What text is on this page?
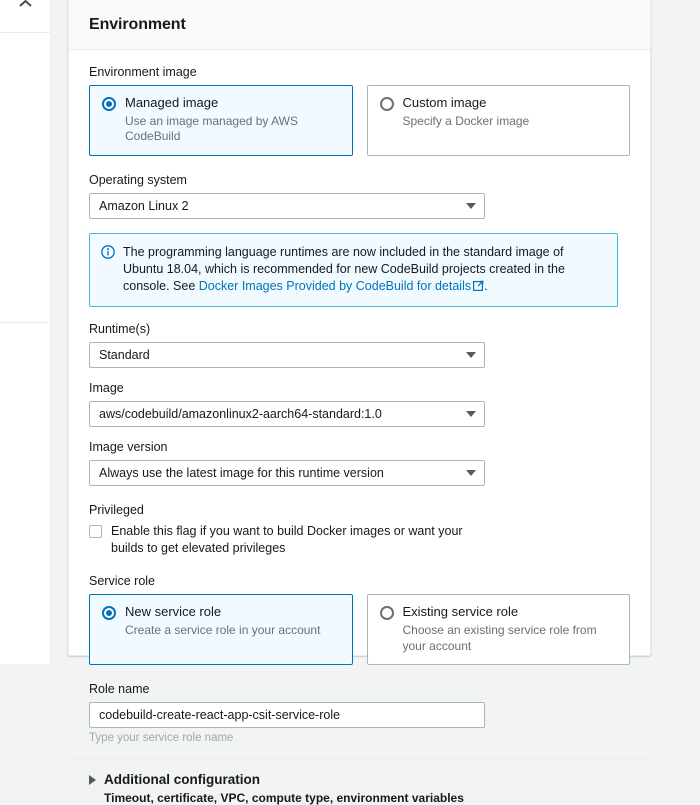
Environment
Environment image
Managed image
Use an image managed by AWS CodeBuild
Custom image
Specify a Docker image
Operating system
Amazon Linux 2
The programming language runtimes are now included in the standard image of Ubuntu 18.04, which is recommended for new CodeBuild projects created in the console. See Docker Images Provided by CodeBuild for details .
Runtime(s)
Standard
Image
aws/codebuild/amazonlinux2-aarch64-standard:1.0
Image version
Always use the latest image for this runtime version
Privileged
Enable this flag if you want to build Docker images or want your builds to get elevated privileges
Service role
New service role
Create a service role in your account
Existing service role
Choose an existing service role from your account
Role name
codebuild-create-react-app-csit-service-role
Type your service role name
Additional configuration
Timeout, certificate, VPC, compute type, environment variables
